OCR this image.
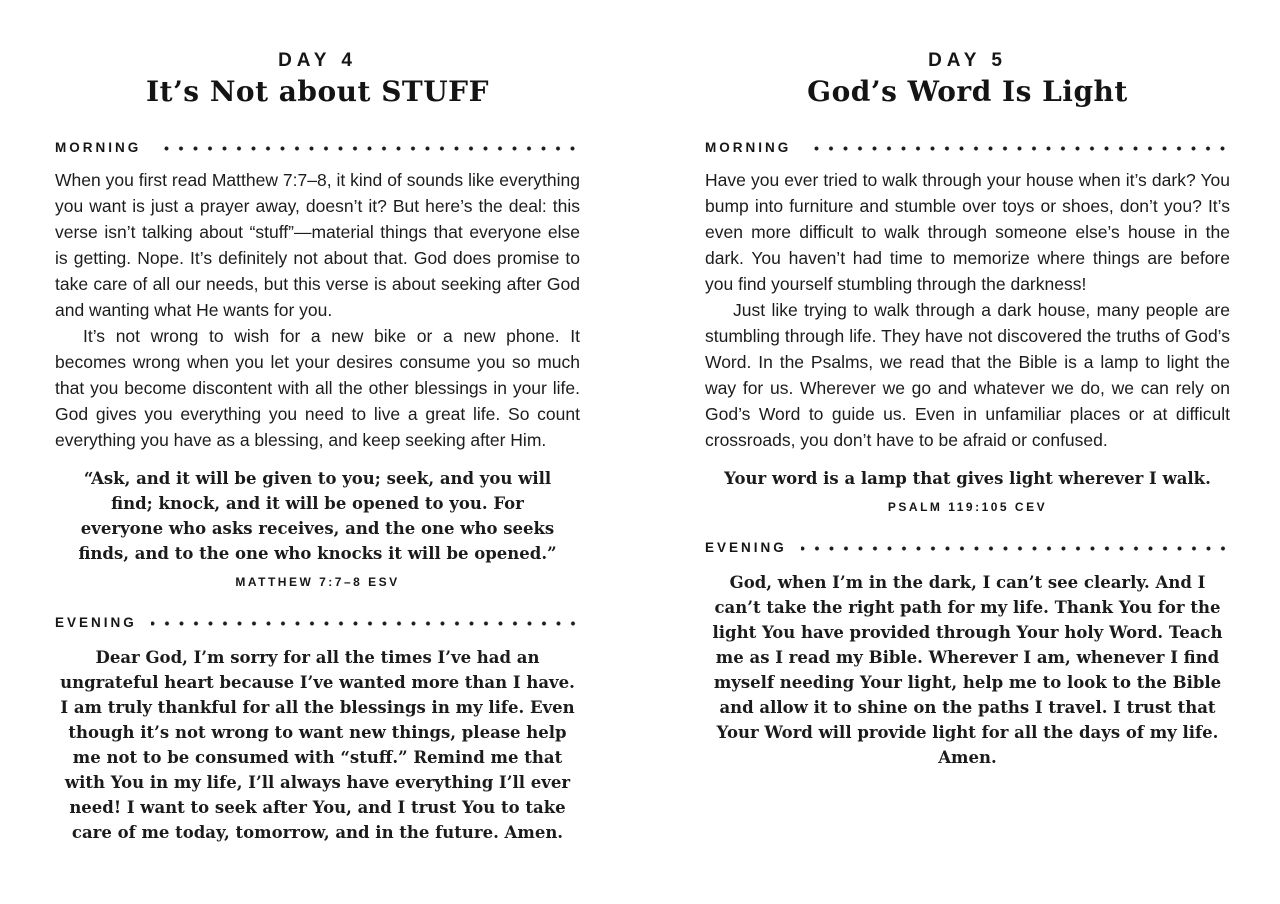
DAY 4
It’s Not about STUFF
MORNING

When you first read Matthew 7:7–8, it kind of sounds like everything you want is just a prayer away, doesn’t it? But here’s the deal: this verse isn’t talking about “stuff”—material things that everyone else is getting. Nope. It’s definitely not about that. God does promise to take care of all our needs, but this verse is about seeking after God and wanting what He wants for you.

It’s not wrong to wish for a new bike or a new phone. It becomes wrong when you let your desires consume you so much that you become discontent with all the other blessings in your life. God gives you everything you need to live a great life. So count everything you have as a blessing, and keep seeking after Him.

“Ask, and it will be given to you; seek, and you will find; knock, and it will be opened to you. For everyone who asks receives, and the one who seeks finds, and to the one who knocks it will be opened.”
MATTHEW 7:7–8 ESV
EVENING
Dear God, I’m sorry for all the times I’ve had an ungrateful heart because I’ve wanted more than I have. I am truly thankful for all the blessings in my life. Even though it’s not wrong to want new things, please help me not to be consumed with “stuff.” Remind me that with You in my life, I’ll always have everything I’ll ever need! I want to seek after You, and I trust You to take care of me today, tomorrow, and in the future. Amen.
DAY 5
God’s Word Is Light
MORNING

Have you ever tried to walk through your house when it’s dark? You bump into furniture and stumble over toys or shoes, don’t you? It’s even more difficult to walk through someone else’s house in the dark. You haven’t had time to memorize where things are before you find yourself stumbling through the darkness!

Just like trying to walk through a dark house, many people are stumbling through life. They have not discovered the truths of God’s Word. In the Psalms, we read that the Bible is a lamp to light the way for us. Wherever we go and whatever we do, we can rely on God’s Word to guide us. Even in unfamiliar places or at difficult crossroads, you don’t have to be afraid or confused.

Your word is a lamp that gives light wherever I walk.
PSALM 119:105 CEV
EVENING
God, when I’m in the dark, I can’t see clearly. And I can’t take the right path for my life. Thank You for the light You have provided through Your holy Word. Teach me as I read my Bible. Wherever I am, whenever I find myself needing Your light, help me to look to the Bible and allow it to shine on the paths I travel. I trust that Your Word will provide light for all the days of my life. Amen.
